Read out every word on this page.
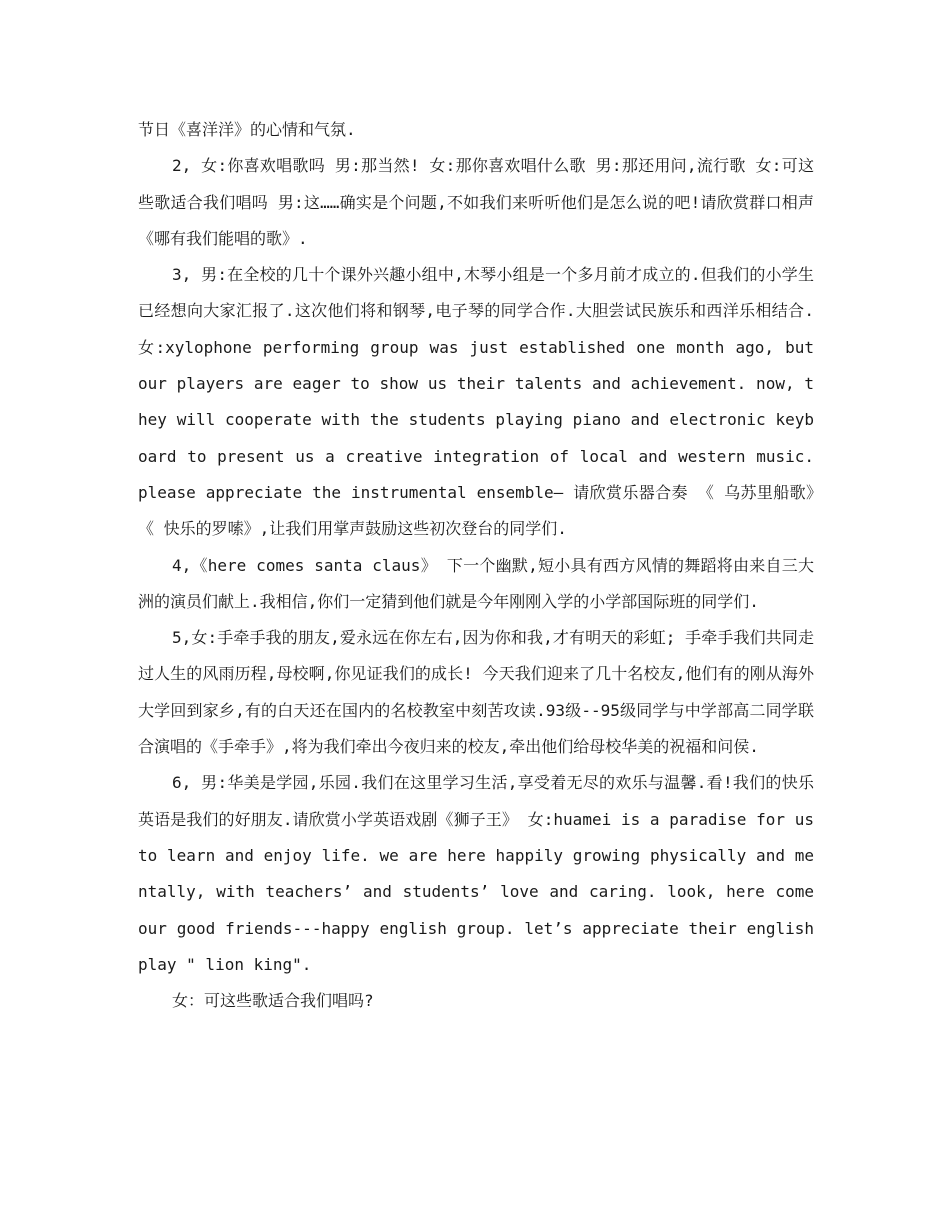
节日《喜洋洋》的心情和气氛.

2, 女:你喜欢唱歌吗 男:那当然! 女:那你喜欢唱什么歌 男:那还用问,流行歌 女:可这些歌适合我们唱吗 男:这……确实是个问题,不如我们来听听他们是怎么说的吧!请欣赏群口相声《哪有我们能唱的歌》.

3, 男:在全校的几十个课外兴趣小组中,木琴小组是一个多月前才成立的.但我们的小学生已经想向大家汇报了.这次他们将和钢琴,电子琴的同学合作.大胆尝试民族乐和西洋乐相结合. 女:xylophone performing group was just established one month ago, but our players are eager to show us their talents and achievement. now, they will cooperate with the students playing piano and electronic keyboard to present us a creative integration of local and western music. please appreciate the instrumental ensemble— 请欣赏乐器合奏 《 乌苏里船歌》《 快乐的罗嗦》,让我们用掌声鼓励这些初次登台的同学们.

4,《here comes santa claus》 下一个幽默,短小具有西方风情的舞蹈将由来自三大洲的演员们献上.我相信,你们一定猜到他们就是今年刚刚入学的小学部国际班的同学们.

5,女:手牵手我的朋友,爱永远在你左右,因为你和我,才有明天的彩虹; 手牵手我们共同走过人生的风雨历程,母校啊,你见证我们的成长! 今天我们迎来了几十名校友,他们有的刚从海外大学回到家乡,有的白天还在国内的名校教室中刻苦攻读.93级--95级同学与中学部高二同学联合演唱的《手牵手》,将为我们牵出今夜归来的校友,牵出他们给母校华美的祝福和问侯.

6, 男:华美是学园,乐园.我们在这里学习生活,享受着无尽的欢乐与温馨.看!我们的快乐英语是我们的好朋友.请欣赏小学英语戏剧《狮子王》 女:huamei is a paradise for us to learn and enjoy life. we are here happily growing physically and mentally, with teachers’ and students’ love and caring. look, here come our good friends---happy english group. let’s appreciate their english play " lion king".

女：可这些歌适合我们唱吗?
